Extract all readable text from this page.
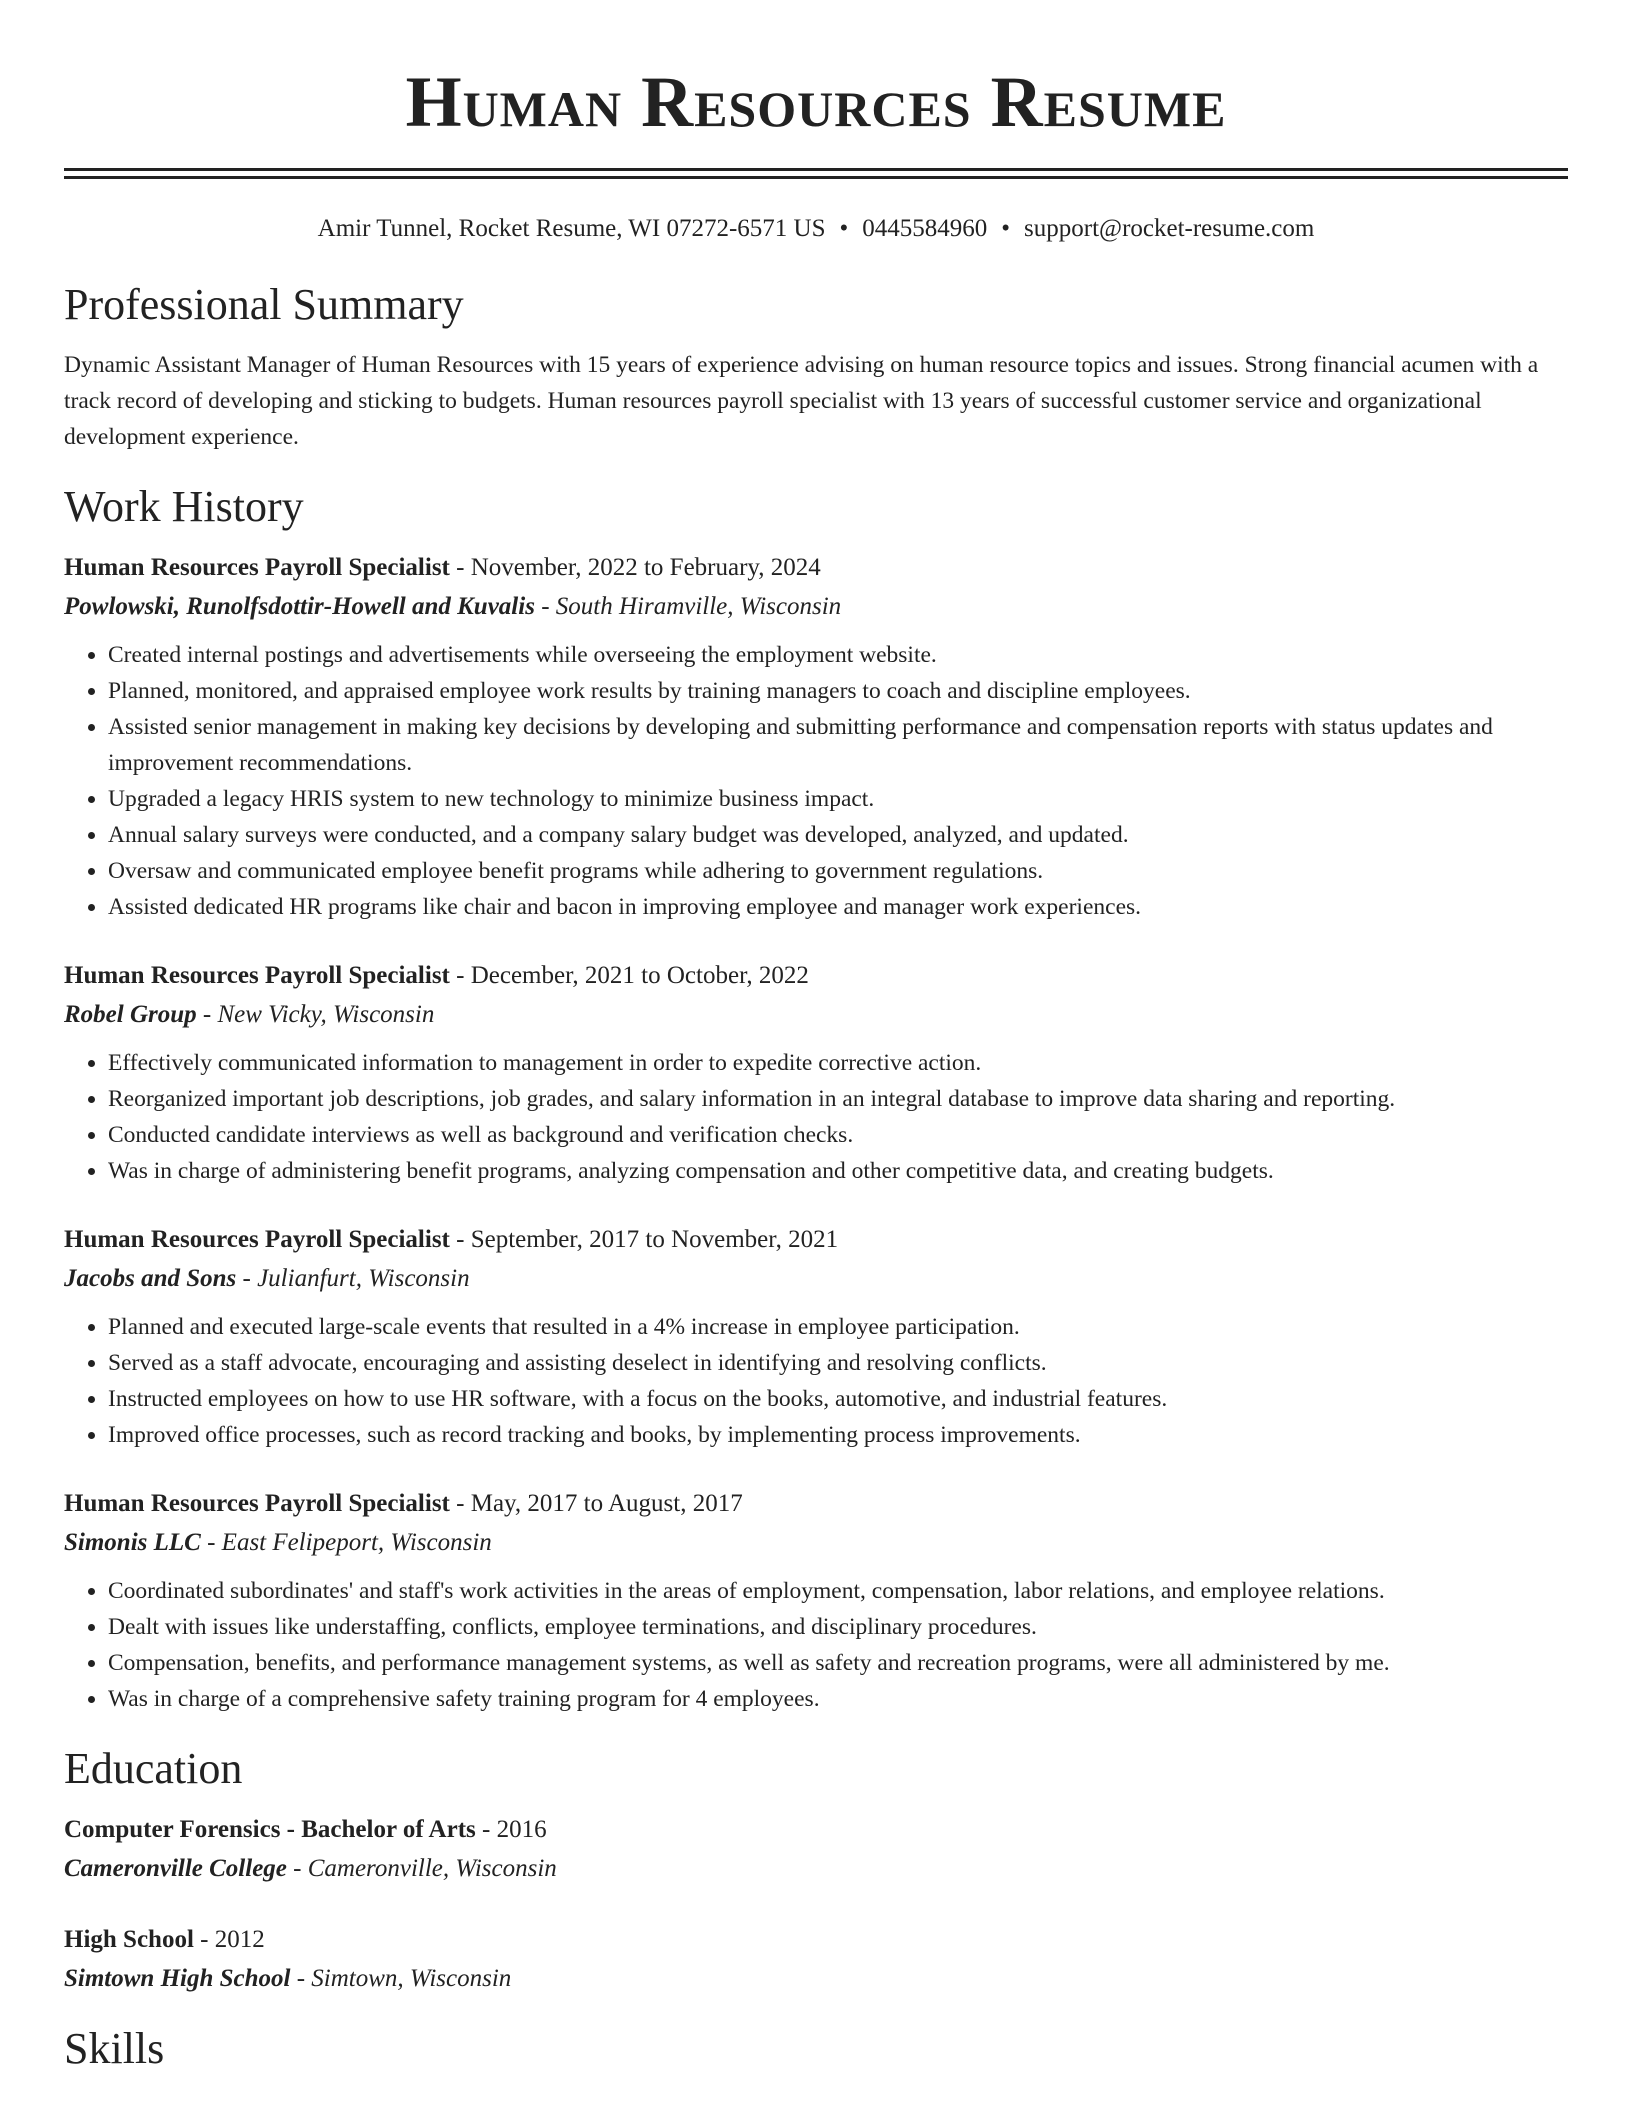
Human Resources Resume
Amir Tunnel, Rocket Resume, WI 07272-6571 US • 0445584960 • support@rocket-resume.com
Professional Summary
Dynamic Assistant Manager of Human Resources with 15 years of experience advising on human resource topics and issues. Strong financial acumen with a track record of developing and sticking to budgets. Human resources payroll specialist with 13 years of successful customer service and organizational development experience.
Work History
Human Resources Payroll Specialist - November, 2022 to February, 2024
Powlowski, Runolfsdottir-Howell and Kuvalis - South Hiramville, Wisconsin
• Created internal postings and advertisements while overseeing the employment website.
• Planned, monitored, and appraised employee work results by training managers to coach and discipline employees.
• Assisted senior management in making key decisions by developing and submitting performance and compensation reports with status updates and improvement recommendations.
• Upgraded a legacy HRIS system to new technology to minimize business impact.
• Annual salary surveys were conducted, and a company salary budget was developed, analyzed, and updated.
• Oversaw and communicated employee benefit programs while adhering to government regulations.
• Assisted dedicated HR programs like chair and bacon in improving employee and manager work experiences.
Human Resources Payroll Specialist - December, 2021 to October, 2022
Robel Group - New Vicky, Wisconsin
• Effectively communicated information to management in order to expedite corrective action.
• Reorganized important job descriptions, job grades, and salary information in an integral database to improve data sharing and reporting.
• Conducted candidate interviews as well as background and verification checks.
• Was in charge of administering benefit programs, analyzing compensation and other competitive data, and creating budgets.
Human Resources Payroll Specialist - September, 2017 to November, 2021
Jacobs and Sons - Julianfurt, Wisconsin
• Planned and executed large-scale events that resulted in a 4% increase in employee participation.
• Served as a staff advocate, encouraging and assisting deselect in identifying and resolving conflicts.
• Instructed employees on how to use HR software, with a focus on the books, automotive, and industrial features.
• Improved office processes, such as record tracking and books, by implementing process improvements.
Human Resources Payroll Specialist - May, 2017 to August, 2017
Simonis LLC - East Felipeport, Wisconsin
• Coordinated subordinates' and staff's work activities in the areas of employment, compensation, labor relations, and employee relations.
• Dealt with issues like understaffing, conflicts, employee terminations, and disciplinary procedures.
• Compensation, benefits, and performance management systems, as well as safety and recreation programs, were all administered by me.
• Was in charge of a comprehensive safety training program for 4 employees.
Education
Computer Forensics - Bachelor of Arts - 2016
Cameronville College - Cameronville, Wisconsin
High School - 2012
Simtown High School - Simtown, Wisconsin
Skills
